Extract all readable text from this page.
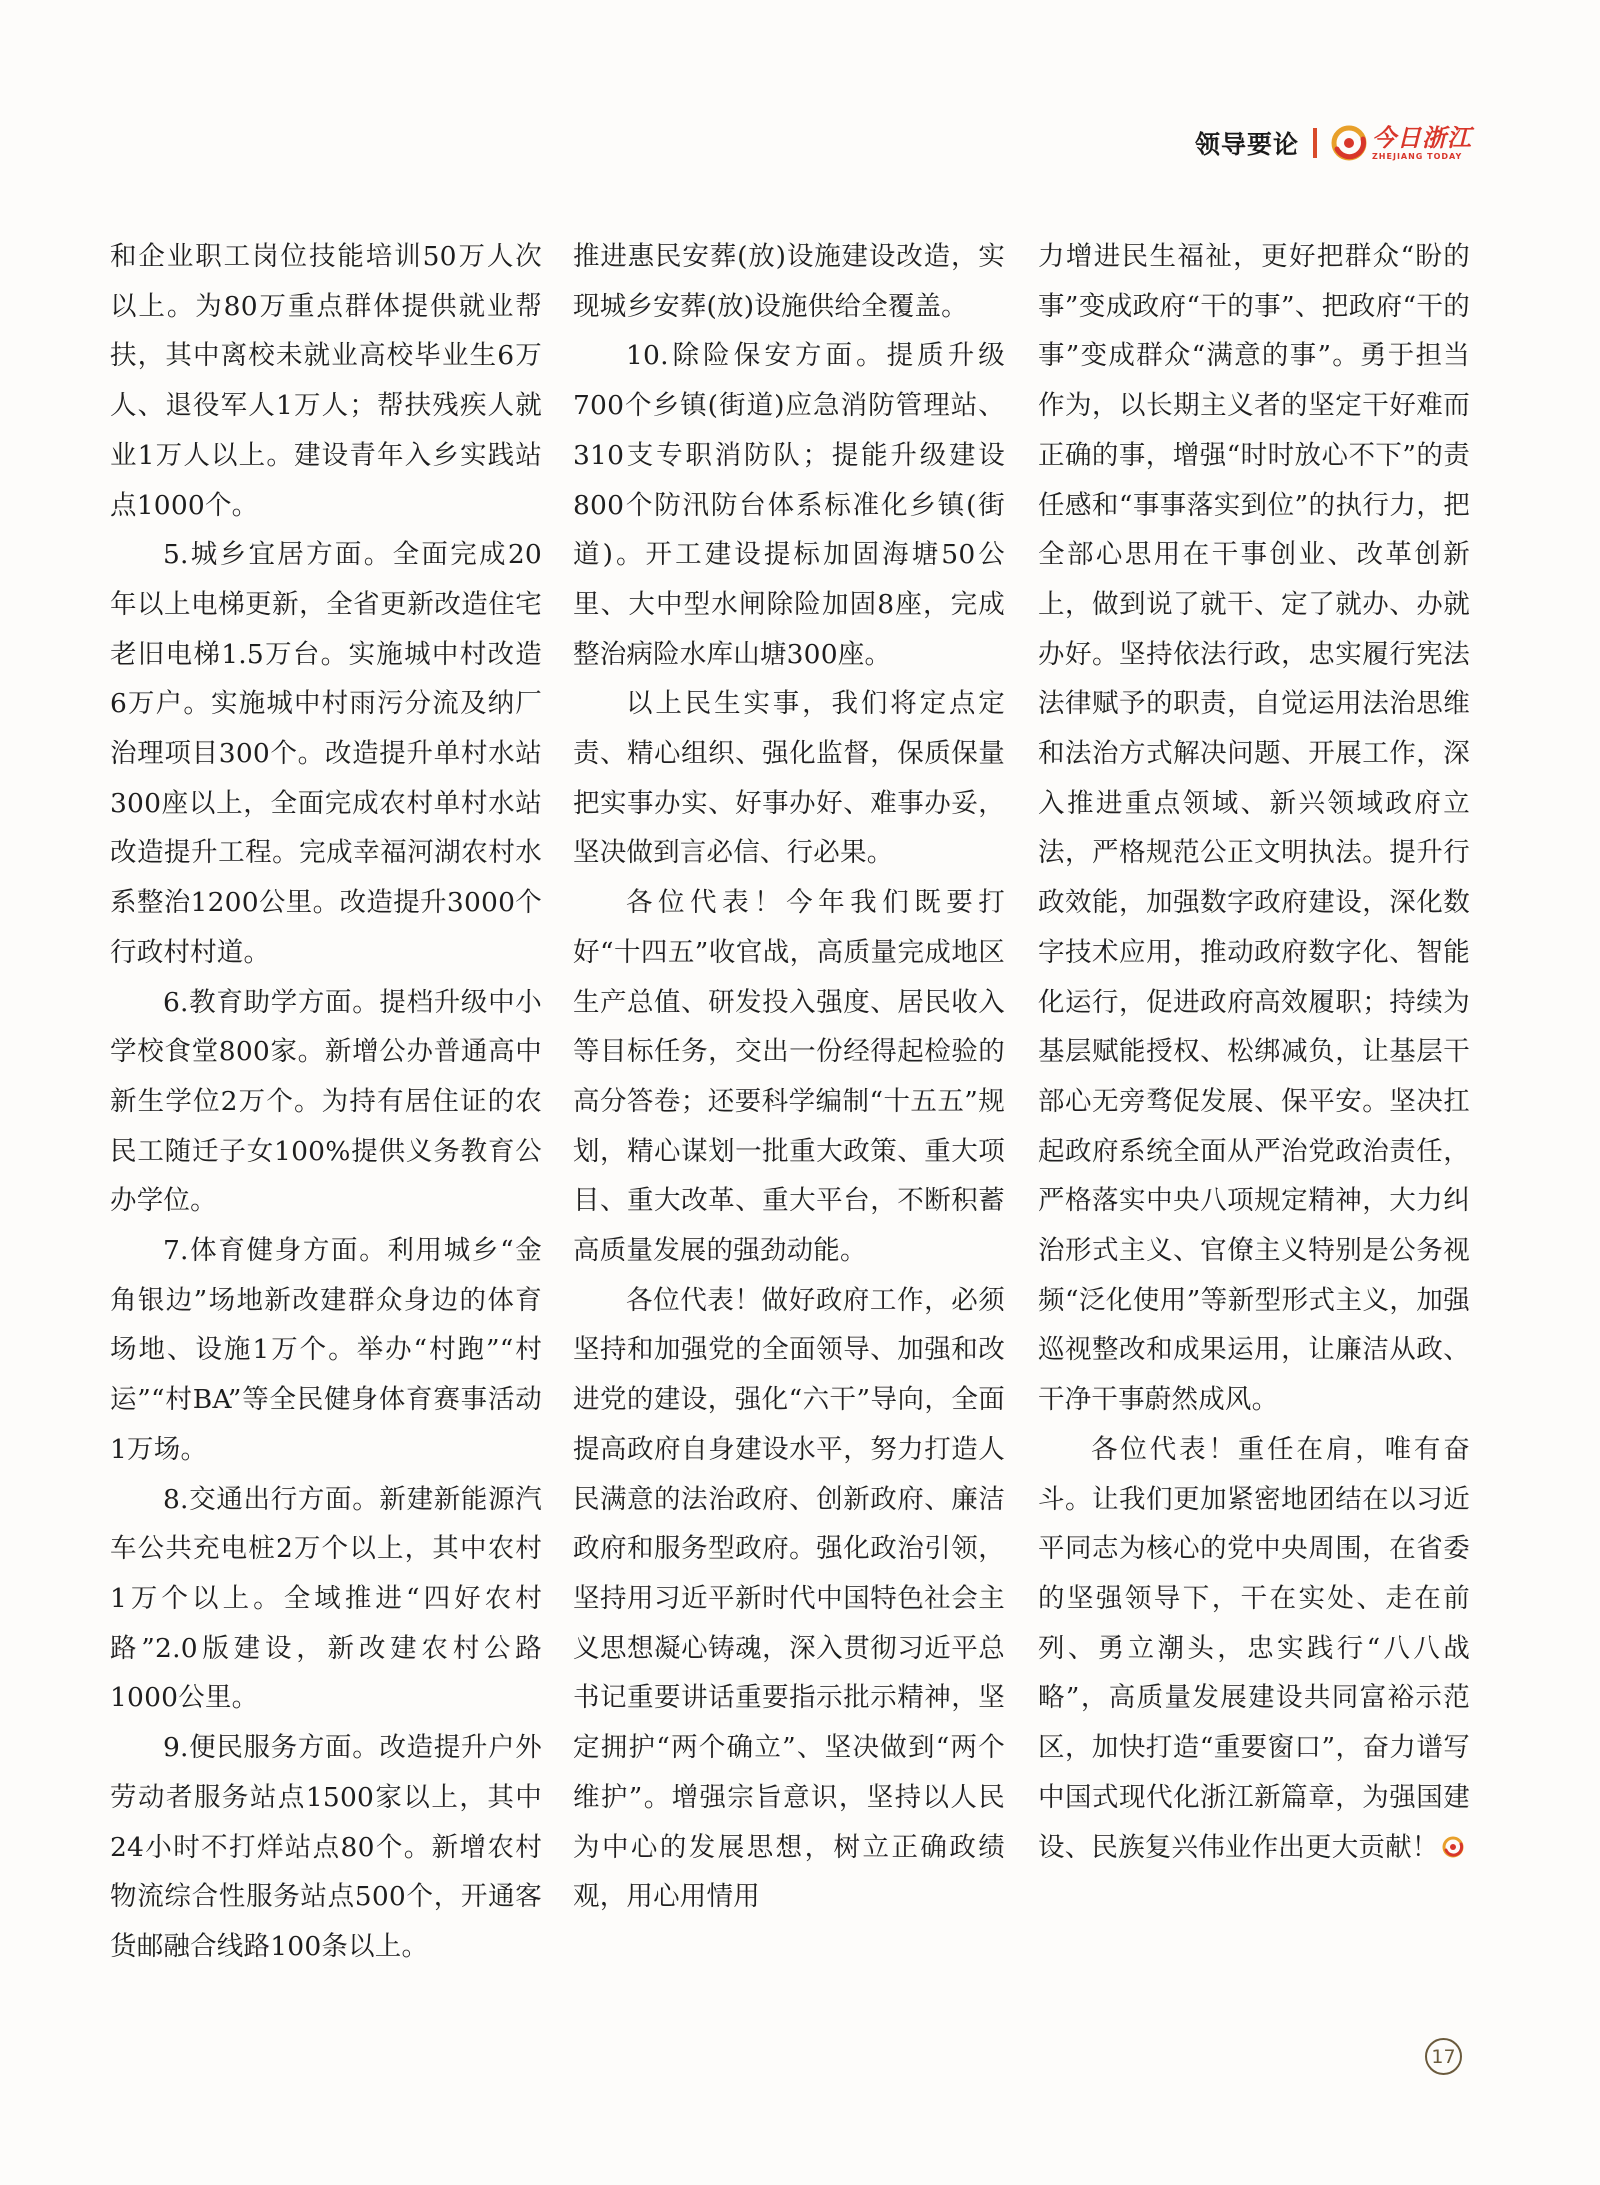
领导要论	今日浙江
ZHEJIANG TODAY

和企业职工岗位技能培训50万人次以上。为80万重点群体提供就业帮扶，其中离校未就业高校毕业生6万人、退役军人1万人；帮扶残疾人就业1万人以上。建设青年入乡实践站点1000个。

5.城乡宜居方面。全面完成20年以上电梯更新，全省更新改造住宅老旧电梯1.5万台。实施城中村改造6万户。实施城中村雨污分流及纳厂治理项目300个。改造提升单村水站300座以上，全面完成农村单村水站改造提升工程。完成幸福河湖农村水系整治1200公里。改造提升3000个行政村村道。

6.教育助学方面。提档升级中小学校食堂800家。新增公办普通高中新生学位2万个。为持有居住证的农民工随迁子女100%提供义务教育公办学位。

7.体育健身方面。利用城乡“金角银边”场地新改建群众身边的体育场地、设施1万个。举办“村跑”“村运”“村BA”等全民健身体育赛事活动1万场。

8.交通出行方面。新建新能源汽车公共充电桩2万个以上，其中农村1万个以上。全域推进“四好农村路”2.0版建设，新改建农村公路1000公里。

9.便民服务方面。改造提升户外劳动者服务站点1500家以上，其中24小时不打烊站点80个。新增农村物流综合性服务站点500个，开通客货邮融合线路100条以上。

推进惠民安葬(放)设施建设改造，实现城乡安葬(放)设施供给全覆盖。

10.除险保安方面。提质升级700个乡镇(街道)应急消防管理站、310支专职消防队；提能升级建设800个防汛防台体系标准化乡镇(街道)。开工建设提标加固海塘50公里、大中型水闸除险加固8座，完成整治病险水库山塘300座。

以上民生实事，我们将定点定责、精心组织、强化监督，保质保量把实事办实、好事办好、难事办妥，坚决做到言必信、行必果。

各位代表！今年我们既要打好“十四五”收官战，高质量完成地区生产总值、研发投入强度、居民收入等目标任务，交出一份经得起检验的高分答卷；还要科学编制“十五五”规划，精心谋划一批重大政策、重大项目、重大改革、重大平台，不断积蓄高质量发展的强劲动能。

各位代表！做好政府工作，必须坚持和加强党的全面领导、加强和改进党的建设，强化“六干”导向，全面提高政府自身建设水平，努力打造人民满意的法治政府、创新政府、廉洁政府和服务型政府。强化政治引领，坚持用习近平新时代中国特色社会主义思想凝心铸魂，深入贯彻习近平总书记重要讲话重要指示批示精神，坚定拥护“两个确立”、坚决做到“两个维护”。增强宗旨意识，坚持以人民为中心的发展思想，树立正确政绩观，用心用情用

力增进民生福祉，更好把群众“盼的事”变成政府“干的事”、把政府“干的事”变成群众“满意的事”。勇于担当作为，以长期主义者的坚定干好难而正确的事，增强“时时放心不下”的责任感和“事事落实到位”的执行力，把全部心思用在干事创业、改革创新上，做到说了就干、定了就办、办就办好。坚持依法行政，忠实履行宪法法律赋予的职责，自觉运用法治思维和法治方式解决问题、开展工作，深入推进重点领域、新兴领域政府立法，严格规范公正文明执法。提升行政效能，加强数字政府建设，深化数字技术应用，推动政府数字化、智能化运行，促进政府高效履职；持续为基层赋能授权、松绑减负，让基层干部心无旁骛促发展、保平安。坚决扛起政府系统全面从严治党政治责任，严格落实中央八项规定精神，大力纠治形式主义、官僚主义特别是公务视频“泛化使用”等新型形式主义，加强巡视整改和成果运用，让廉洁从政、干净干事蔚然成风。

各位代表！重任在肩，唯有奋斗。让我们更加紧密地团结在以习近平同志为核心的党中央周围，在省委的坚强领导下，干在实处、走在前列、勇立潮头，忠实践行“八八战略”，高质量发展建设共同富裕示范区，加快打造“重要窗口”，奋力谱写中国式现代化浙江新篇章，为强国建设、民族复兴伟业作出更大贡献！

17
